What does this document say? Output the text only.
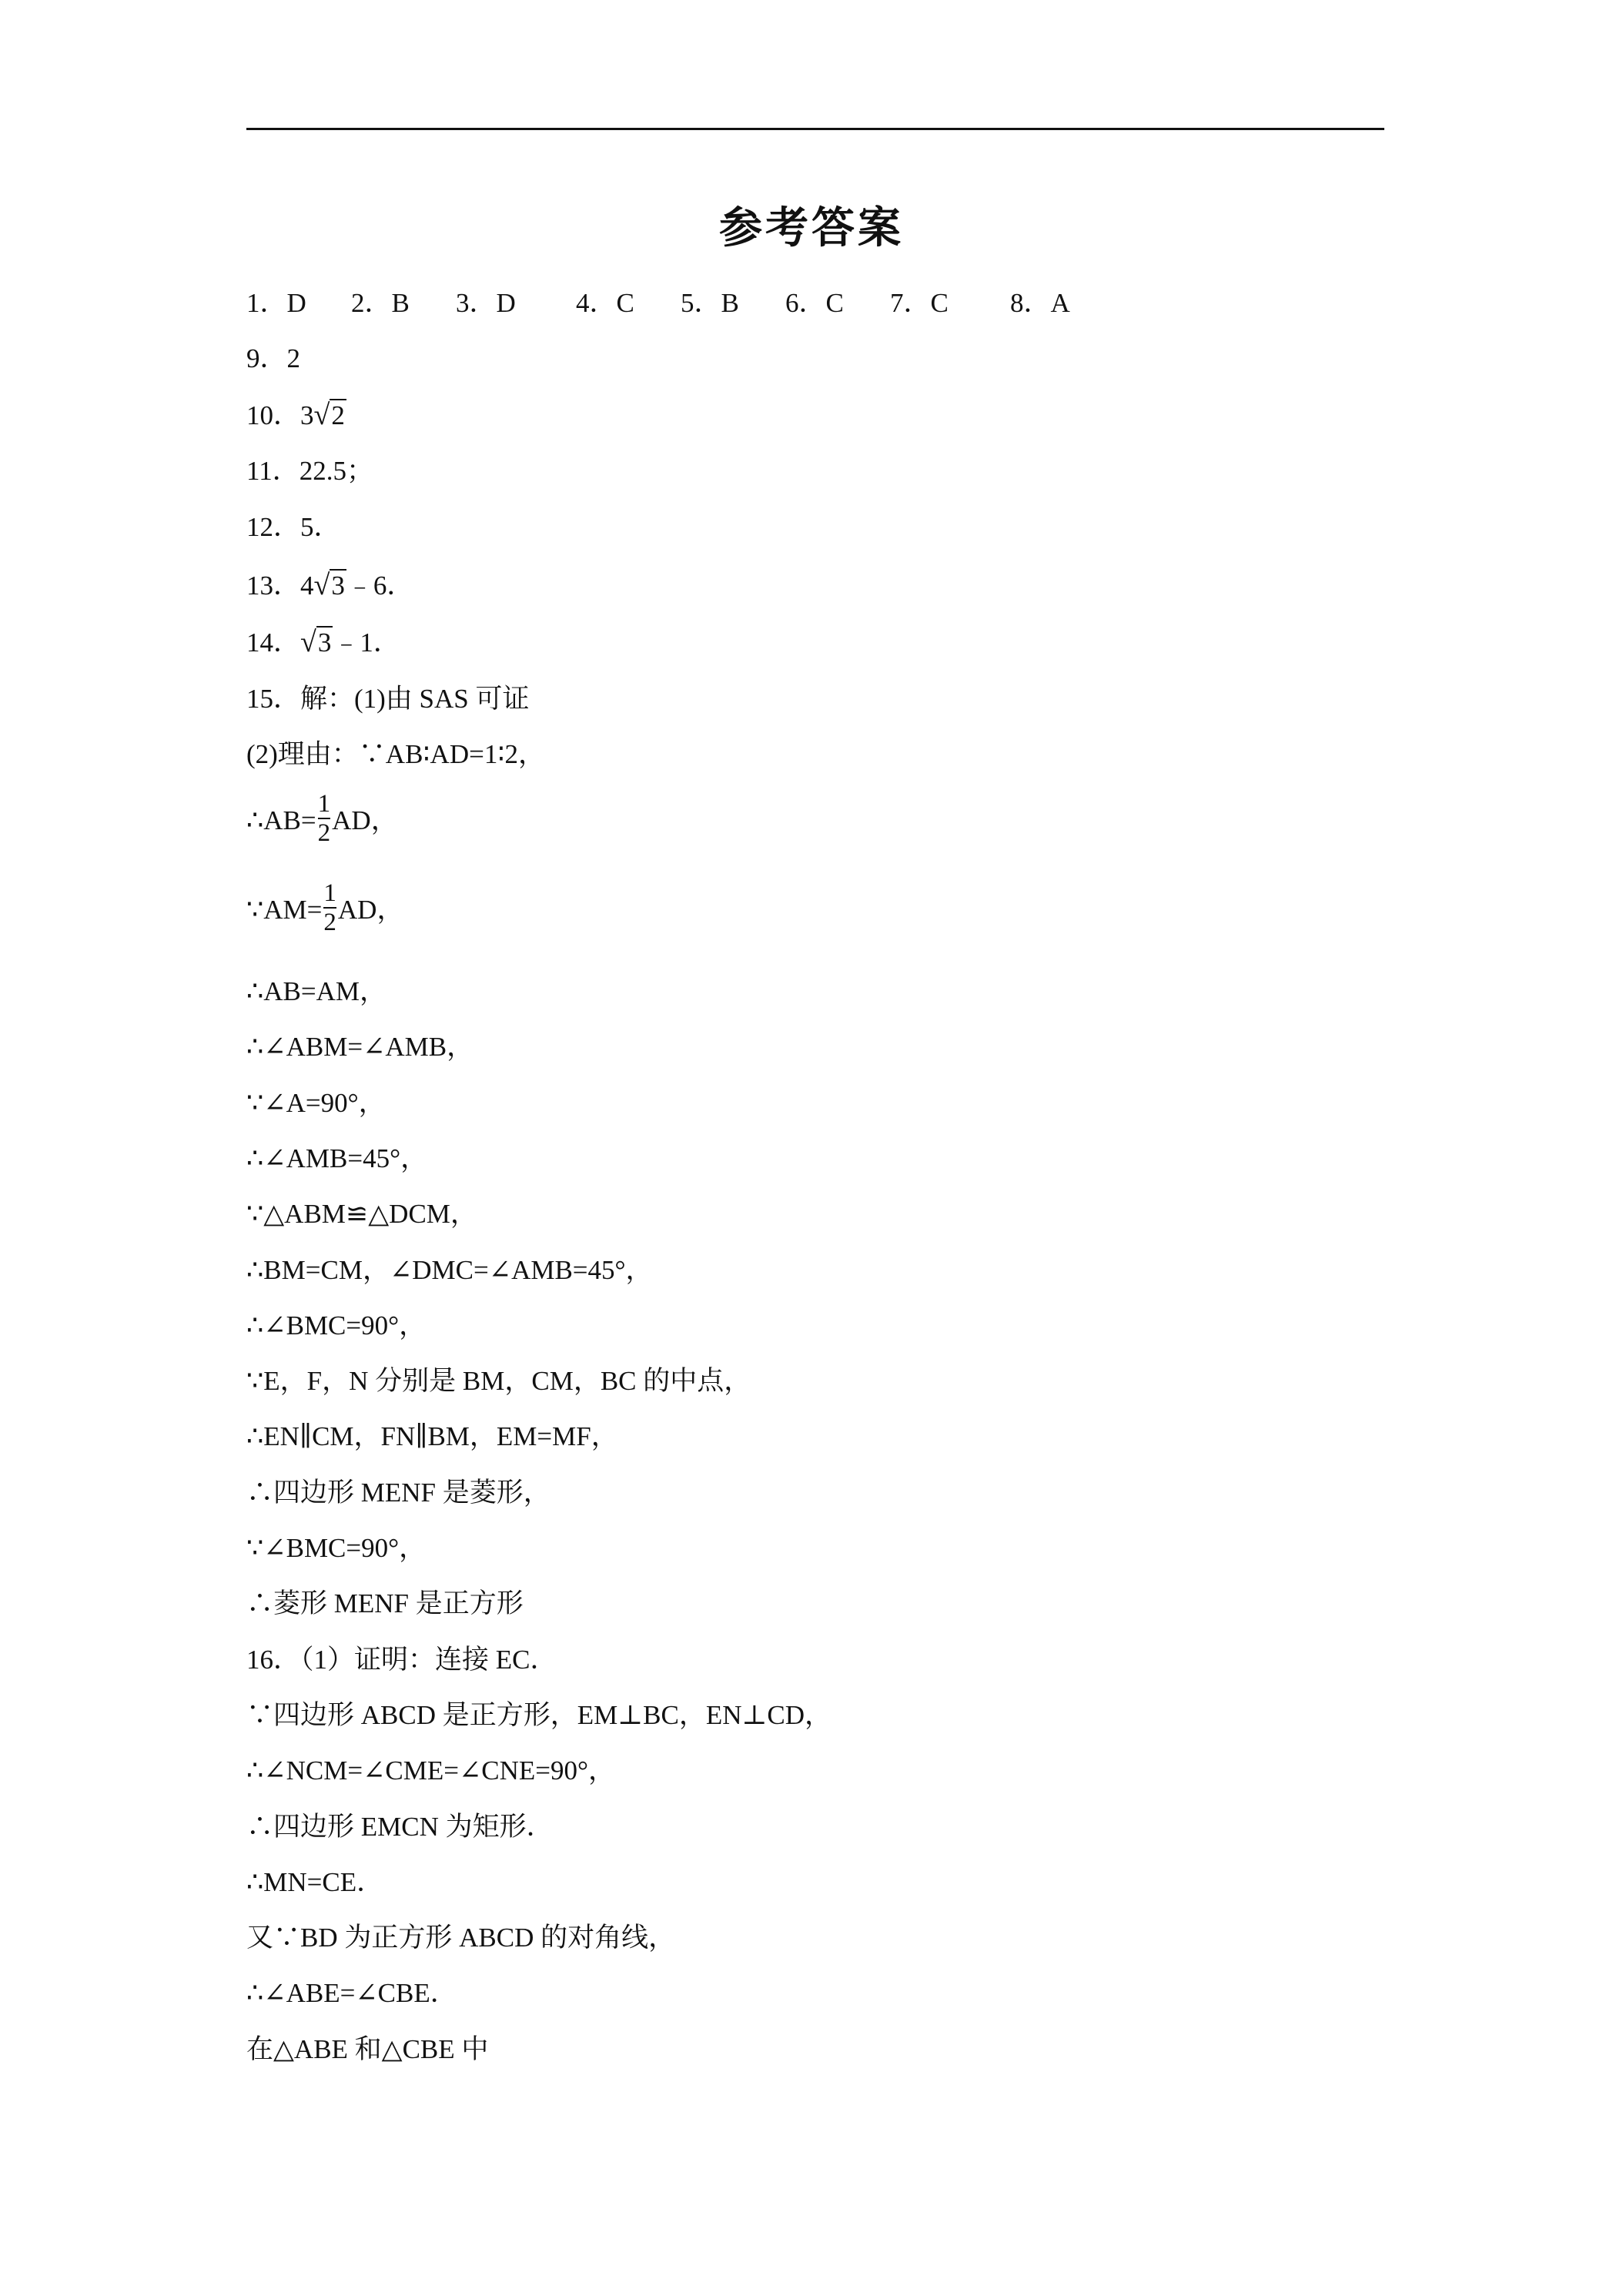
参考答案
1．D 2．B 3．D 4．C 5．B 6．C 7．C 8．A
9．2
10．3√2
11．22.5；
12．5．
13．4√3﹣6．
14．√3﹣1．
15．解：(1)由 SAS 可证
(2)理由：∵AB∶AD=1∶2，
∴AB= $\frac{1}{2}$ AD，
∵AM= $\frac{1}{2}$ AD，
∴AB=AM，
∴∠ABM=∠AMB，
∵∠A=90°，
∴∠AMB=45°，
∵△ABM≌△DCM，
∴BM=CM，∠DMC=∠AMB=45°，
∴∠BMC=90°，
∵E，F，N 分别是 BM，CM，BC 的中点，
∴EN∥CM，FN∥BM，EM=MF，
∴四边形 MENF 是菱形，
∵∠BMC=90°，
∴菱形 MENF 是正方形
16．（1）证明：连接 EC．
∵四边形 ABCD 是正方形，EM⊥BC，EN⊥CD，
∴∠NCM=∠CME=∠CNE=90°，
∴四边形 EMCN 为矩形．
∴MN=CE．
又∵BD 为正方形 ABCD 的对角线，
∴∠ABE=∠CBE．
在△ABE 和△CBE 中
